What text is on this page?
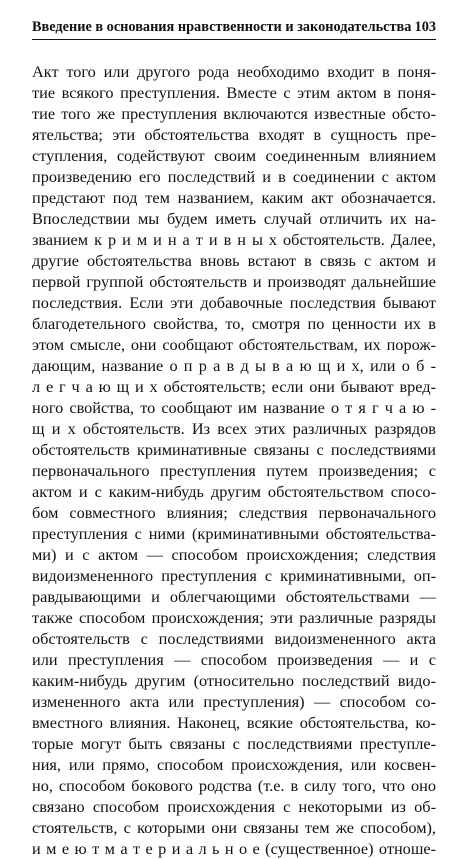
Введение в основания нравственности и законодательства 103
Акт того или другого рода необходимо входит в поня-
тие всякого преступления. Вместе с этим актом в поня-
тие того же преступления включаются известные обсто-
ятельства; эти обстоятельства входят в сущность пре-
ступления, содействуют своим соединенным влиянием
произведению его последствий и в соединении с актом
предстают под тем названием, каким акт обозначается.
Впоследствии мы будем иметь случай отличить их на-
званием к р и м и н а т и в н ы х обстоятельств. Далее,
другие обстоятельства вновь встают в связь с актом и
первой группой обстоятельств и производят дальнейшие
последствия. Если эти добавочные последствия бывают
благодетельного свойства, то, смотря по ценности их в
этом смысле, они сообщают обстоятельствам, их порож-
дающим, название о п р а в д ы в а ю щ и х, или о б -
л е г ч а ю щ и х обстоятельств; если они бывают вред-
ного свойства, то сообщают им название о т я г ч а ю -
щ и х обстоятельств. Из всех этих различных разрядов
обстоятельств криминативные связаны с последствиями
первоначального преступления путем произведения; с
актом и с каким-нибудь другим обстоятельством спосо-
бом совместного влияния; следствия первоначального
преступления с ними (криминативными обстоятельства-
ми) и с актом — способом происхождения; следствия
видоизмененного преступления с криминативными, оп-
равдывающими и облегчающими обстоятельствами —
также способом происхождения; эти различные разряды
обстоятельств с последствиями видоизмененного акта
или преступления — способом произведения — и с
каким-нибудь другим (относительно последствий видо-
измененного акта или преступления) — способом со-
вместного влияния. Наконец, всякие обстоятельства, ко-
торые могут быть связаны с последствиями преступле-
ния, или прямо, способом происхождения, или косвен-
но, способом бокового родства (т.е. в силу того, что оно
связано способом происхождения с некоторыми из об-
стоятельств, с которыми они связаны тем же способом),
и м е ю т м а т е р и а л ь н о е (существенное) отноше-
